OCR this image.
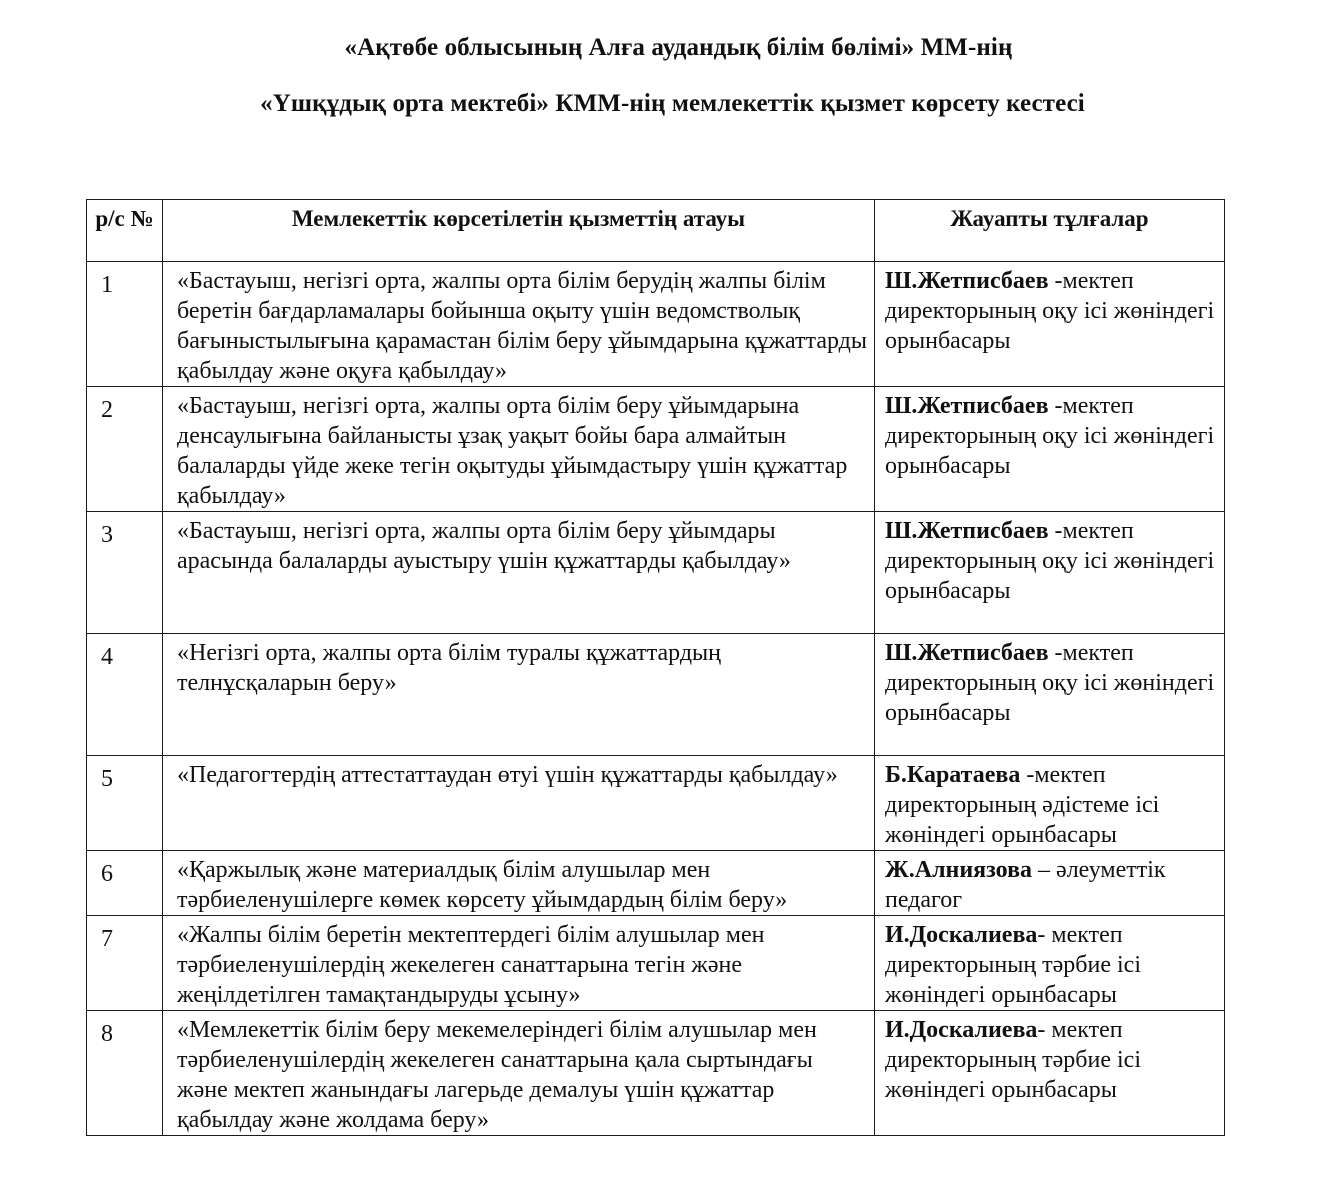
«Ақтөбе облысының Алға аудандық білім бөлімі» ММ-нің
«Үшқұдық орта мектебі» КММ-нің мемлекеттік қызмет көрсету кестесі
р/с №	Мемлекеттік көрсетілетін қызметтің атауы	Жауапты тұлғалар

1	«Бастауыш, негізгі орта, жалпы орта білім берудің жалпы білім беретін бағдарламалары бойынша оқыту үшін ведомстволық бағыныстылығына қарамастан білім беру ұйымдарына құжаттарды қабылдау және оқуға қабылдау»	Ш.Жетписбаев -мектеп директорының оқу ісі жөніндегі орынбасары

2	«Бастауыш, негізгі орта, жалпы орта білім беру ұйымдарына денсаулығына байланысты ұзақ уақыт бойы бара алмайтын балаларды үйде жеке тегін оқытуды ұйымдастыру үшін құжаттар қабылдау»	Ш.Жетписбаев -мектеп директорының оқу ісі жөніндегі орынбасары

3	«Бастауыш, негізгі орта, жалпы орта білім беру ұйымдары арасында балаларды ауыстыру үшін құжаттарды қабылдау»	Ш.Жетписбаев -мектеп директорының оқу ісі жөніндегі орынбасары

4	«Негізгі орта, жалпы орта білім туралы құжаттардың телнұсқаларын беру»	Ш.Жетписбаев -мектеп директорының оқу ісі жөніндегі орынбасары

5	«Педагогтердің аттестаттаудан өтуі үшін құжаттарды қабылдау»	Б.Каратаева -мектеп директорының әдістеме ісі жөніндегі орынбасары

6	«Қаржылық және материалдық білім алушылар мен тәрбиеленушілерге көмек көрсету ұйымдардың білім беру»	Ж.Алниязова – әлеуметтік педагог

7	«Жалпы білім беретін мектептердегі білім алушылар мен тәрбиеленушілердің жекелеген санаттарына тегін және жеңілдетілген тамақтандыруды ұсыну»	И.Доскалиева- мектеп директорының тәрбие ісі жөніндегі орынбасары

8	«Мемлекеттік білім беру мекемелеріндегі білім алушылар мен тәрбиеленушілердің жекелеген санаттарына қала сыртындағы және мектеп жанындағы лагерьде демалуы үшін құжаттар қабылдау және жолдама беру»	И.Доскалиева- мектеп директорының тәрбие ісі жөніндегі орынбасары
